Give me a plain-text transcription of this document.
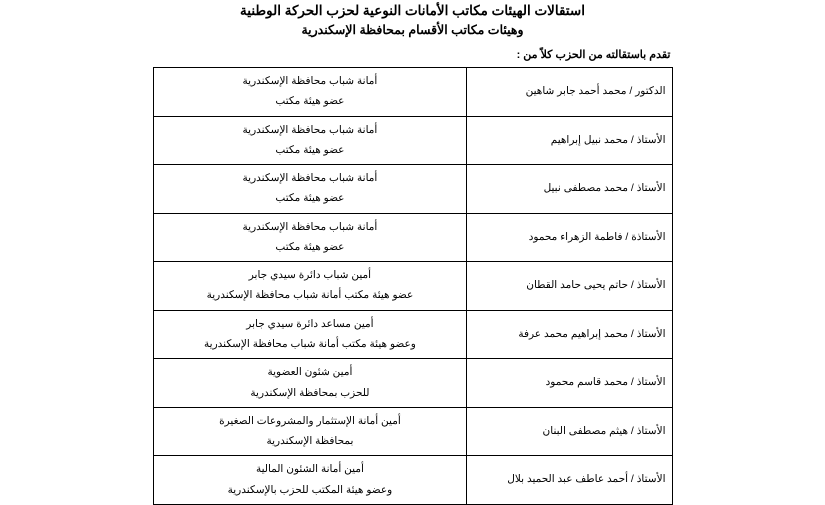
استقالات الهيئات مكاتب الأمانات النوعية لحزب الحركة الوطنية
وهيئات مكاتب الأقسام بمحافظة الإسكندرية
تقدم باستقالته من الحزب كلاً من :
الدكتور / محمد أحمد جابر شاهين	أمانة شباب محافظة الإسكندرية
عضو هيئة مكتب

الأستاذ / محمد نبيل إبراهيم	أمانة شباب محافظة الإسكندرية
عضو هيئة مكتب

الأستاذ / محمد مصطفى نبيل	أمانة شباب محافظة الإسكندرية
عضو هيئة مكتب

الأستاذة / فاطمة الزهراء محمود	أمانة شباب محافظة الإسكندرية
عضو هيئة مكتب

الأستاذ / حاتم يحيى حامد القطان	أمين شباب دائرة سيدي جابر
عضو هيئة مكتب أمانة شباب محافظة الإسكندرية

الأستاذ / محمد إبراهيم محمد عرفة	أمين مساعد دائرة سيدي جابر
وعضو هيئة مكتب أمانة شباب محافظة الإسكندرية

الأستاذ / محمد قاسم محمود	أمين شئون العضوية
للحزب بمحافظة الإسكندرية

الأستاذ / هيثم مصطفى البنان	أمين أمانة الإستثمار والمشروعات الصغيرة
بمحافظة الإسكندرية

الأستاذ / أحمد عاطف عبد الحميد بلال	أمين أمانة الشئون المالية
وعضو هيئة المكتب للحزب بالإسكندرية
